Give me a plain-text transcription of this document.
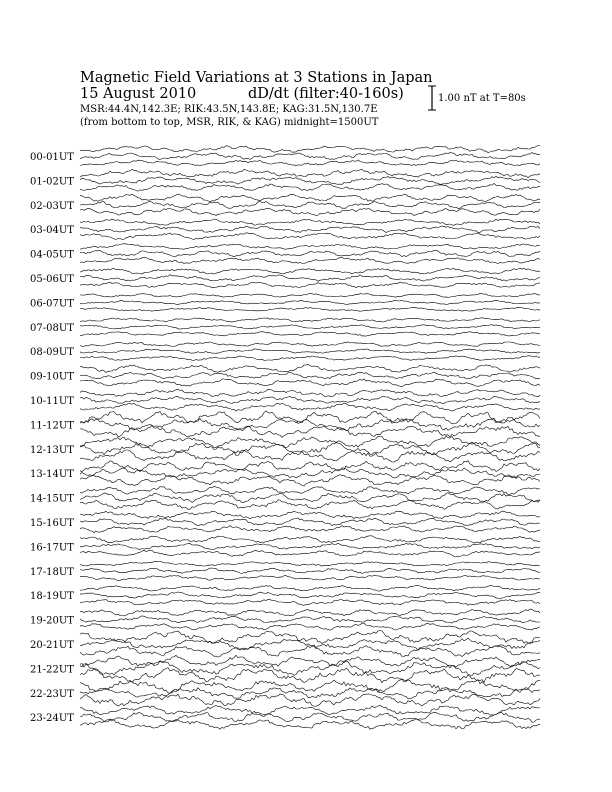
Magnetic Field Variations at 3 Stations in Japan
15 August 2010	dD/dt (filter:40-160s)
MSR:44.4N,142.3E; RIK:43.5N,143.8E; KAG:31.5N,130.7E
(from bottom to top, MSR, RIK, & KAG) midnight=1500UT
1.00 nT at T=80s
00-01UT
01-02UT
02-03UT
03-04UT
04-05UT
05-06UT
06-07UT
07-08UT
08-09UT
09-10UT
10-11UT
11-12UT
12-13UT
13-14UT
14-15UT
15-16UT
16-17UT
17-18UT
18-19UT
19-20UT
20-21UT
21-22UT
22-23UT
23-24UT
